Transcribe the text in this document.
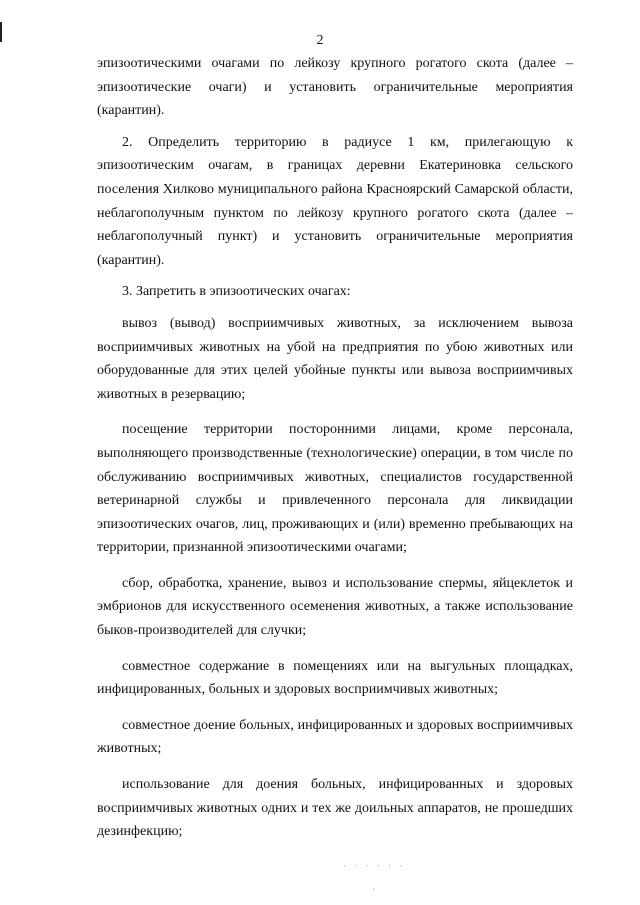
2

эпизоотическими очагами по лейкозу крупного рогатого скота (далее – эпизоотические очаги) и установить ограничительные мероприятия (карантин).

2. Определить территорию в радиусе 1 км, прилегающую к эпизоотическим очагам, в границах деревни Екатериновка сельского поселения Хилково муниципального района Красноярский Самарской области, неблагополучным пунктом по лейкозу крупного рогатого скота (далее – неблагополучный пункт) и установить ограничительные мероприятия (карантин).

3. Запретить в эпизоотических очагах:

вывоз (вывод) восприимчивых животных, за исключением вывоза восприимчивых животных на убой на предприятия по убою животных или оборудованные для этих целей убойные пункты или вывоза восприимчивых животных в резервацию;

посещение территории посторонними лицами, кроме персонала, выполняющего производственные (технологические) операции, в том числе по обслуживанию восприимчивых животных, специалистов государственной ветеринарной службы и привлеченного персонала для ликвидации эпизоотических очагов, лиц, проживающих и (или) временно пребывающих на территории, признанной эпизоотическими очагами;

сбор, обработка, хранение, вывоз и использование спермы, яйцеклеток и эмбрионов для искусственного осеменения животных, а также использование быков-производителей для случки;

совместное содержание в помещениях или на выгульных площадках, инфицированных, больных и здоровых восприимчивых животных;

совместное доение больных, инфицированных и здоровых восприимчивых животных;

использование для доения больных, инфицированных и здоровых восприимчивых животных одних и тех же доильных аппаратов, не прошедших дезинфекцию;

· · · · · ·
·
